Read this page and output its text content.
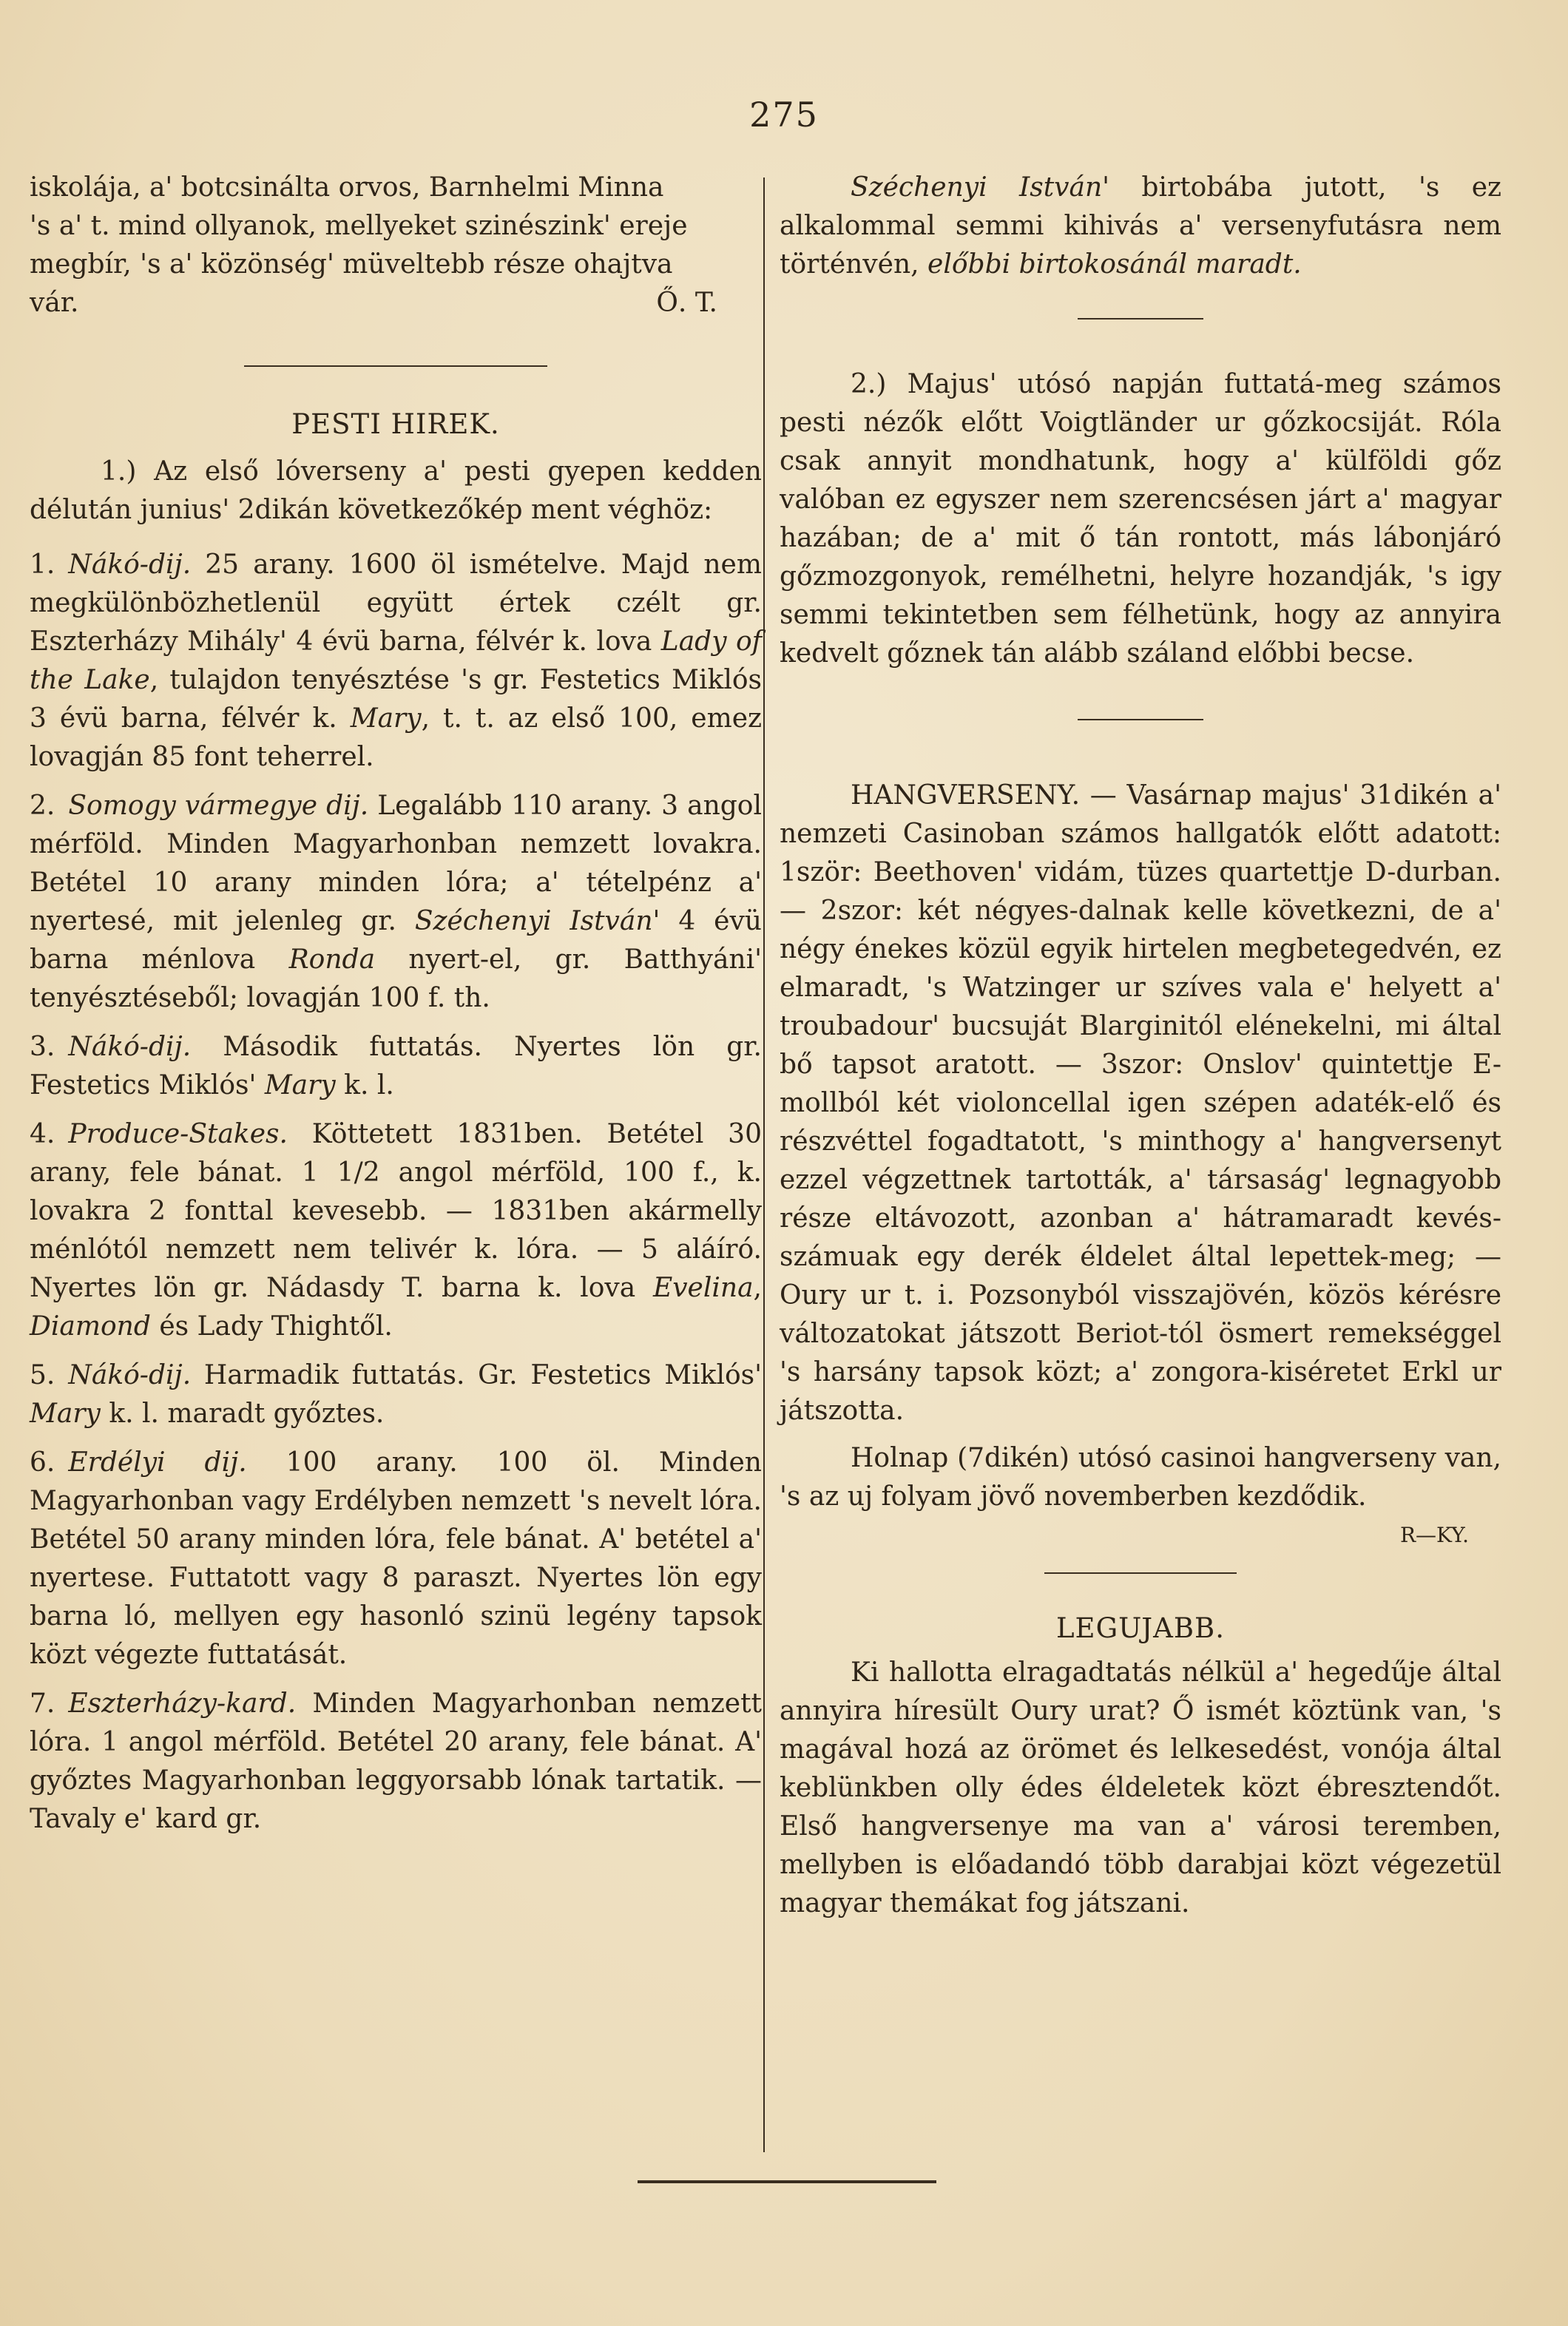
275

iskolája, a' botcsinálta orvos, Barnhelmi Minna

's a' t. mind ollyanok, mellyeket szinészink' ereje

megbír, 's a' közönség' müveltebb része ohajtva

vár.	Ő. T.
PESTI HIREK.

1.) Az első lóverseny a' pesti gyepen kedden délután junius' 2dikán következőkép ment véghöz:

1. Nákó-dij. 25 arany. 1600 öl ismételve. Majd nem megkülönbözhetlenül együtt értek czélt gr. Eszterházy Mihály' 4 évü barna, félvér k. lova Lady of the Lake, tulajdon tenyésztése 's gr. Festetics Miklós 3 évü barna, félvér k. Mary, t. t. az első 100, emez lovagján 85 font teherrel.

2. Somogy vármegye dij. Legalább 110 arany. 3 angol mérföld. Minden Magyarhonban nemzett lovakra. Betétel 10 arany minden lóra; a' tételpénz a' nyertesé, mit jelenleg gr. Széchenyi István' 4 évü barna ménlova Ronda nyert-el, gr. Batthyáni' tenyésztéseből; lovagján 100 f. th.

3. Nákó-dij. Második futtatás. Nyertes lön gr. Festetics Miklós' Mary k. l.

4. Produce-Stakes. Köttetett 1831ben. Betétel 30 arany, fele bánat. 1 1/2 angol mérföld, 100 f., k. lovakra 2 fonttal kevesebb. — 1831ben akármelly ménlótól nemzett nem telivér k. lóra. — 5 aláíró. Nyertes lön gr. Nádasdy T. barna k. lova Evelina, Diamond és Lady Thightől.

5. Nákó-dij. Harmadik futtatás. Gr. Festetics Miklós' Mary k. l. maradt győztes.

6. Erdélyi dij. 100 arany. 100 öl. Minden Magyarhonban vagy Erdélyben nemzett 's nevelt lóra. Betétel 50 arany minden lóra, fele bánat. A' betétel a' nyertese. Futtatott vagy 8 paraszt. Nyertes lön egy barna ló, mellyen egy hasonló szinü legény tapsok közt végezte futtatását.

7. Eszterházy-kard. Minden Magyarhonban nemzett lóra. 1 angol mérföld. Betétel 20 arany, fele bánat. A' győztes Magyarhonban leggyorsabb lónak tartatik. — Tavaly e' kard gr.

Széchenyi István' birtobába jutott, 's ez alkalommal semmi kihivás a' versenyfutásra nem történvén, előbbi birtokosánál maradt.

2.) Majus' utósó napján futtatá-meg számos pesti nézők előtt Voigtländer ur gőzkocsiját. Róla csak annyit mondhatunk, hogy a' külföldi gőz valóban ez egyszer nem szerencsésen járt a' magyar hazában; de a' mit ő tán rontott, más lábonjáró gőzmozgonyok, remélhetni, helyre hozandják, 's igy semmi tekintetben sem félhetünk, hogy az annyira kedvelt gőznek tán alább száland előbbi becse.

HANGVERSENY. — Vasárnap majus' 31dikén a' nemzeti Casinoban számos hallgatók előtt adatott: 1ször: Beethoven' vidám, tüzes quartettje D-durban. — 2szor: két négyes-dalnak kelle következni, de a' négy énekes közül egyik hirtelen megbetegedvén, ez elmaradt, 's Watzinger ur szíves vala e' helyett a' troubadour' bucsuját Blarginitól elénekelni, mi által bő tapsot aratott. — 3szor: Onslov' quintettje E-mollból két violoncellal igen szépen adaték-elő és részvéttel fogadtatott, 's minthogy a' hangversenyt ezzel végzettnek tartották, a' társaság' legnagyobb része eltávozott, azonban a' hátramaradt kevés-számuak egy derék éldelet által lepettek-meg; — Oury ur t. i. Pozsonyból visszajövén, közös kérésre változatokat játszott Beriot-tól ösmert remekséggel 's harsány tapsok közt; a' zongora-kiséretet Erkl ur játszotta.

Holnap (7dikén) utósó casinoi hangverseny van, 's az uj folyam jövő novemberben kezdődik.

R—KY.
LEGUJABB.

Ki hallotta elragadtatás nélkül a' hegedűje által annyira híresült Oury urat? Ő ismét köztünk van, 's magával hozá az örömet és lelkesedést, vonója által keblünkben olly édes éldeletek közt ébresztendőt. Első hangversenye ma van a' városi teremben, mellyben is előadandó több darabjai közt végezetül magyar themákat fog játszani.
